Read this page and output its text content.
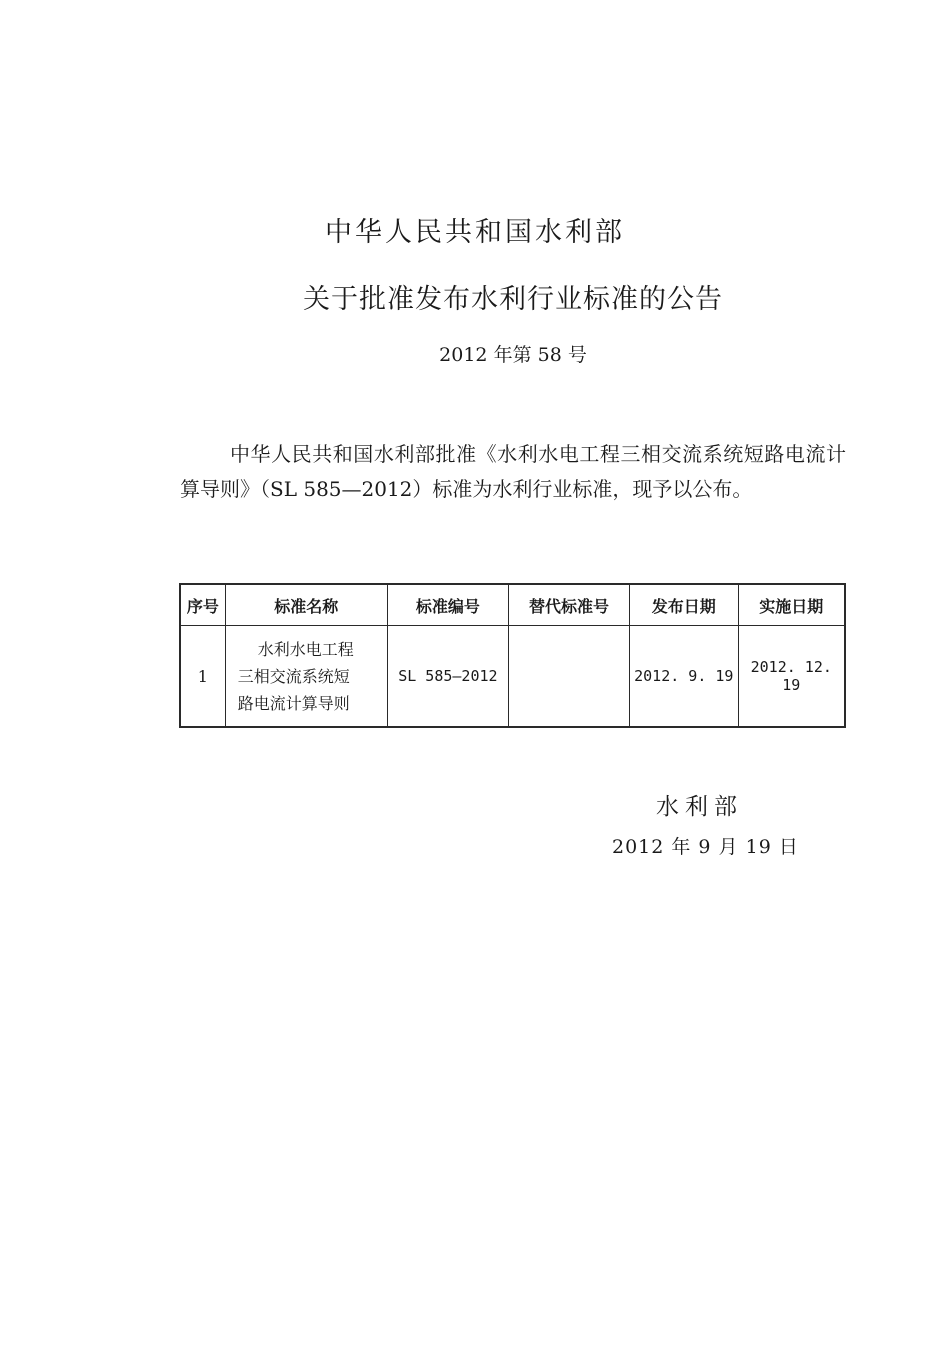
中华人民共和国水利部
关于批准发布水利行业标准的公告
2012 年第 58 号

中华人民共和国水利部批准《水利水电工程三相交流系统短路电流计算导则》（SL 585—2012）标准为水利行业标准，现予以公布。

序号	标准名称	标准编号	替代标准号	发布日期	实施日期
1	水利水电工程
三相交流系统短
路电流计算导则	SL 585—2012		2012. 9. 19	2012. 12. 19
水利部
2012 年 9 月 19 日
